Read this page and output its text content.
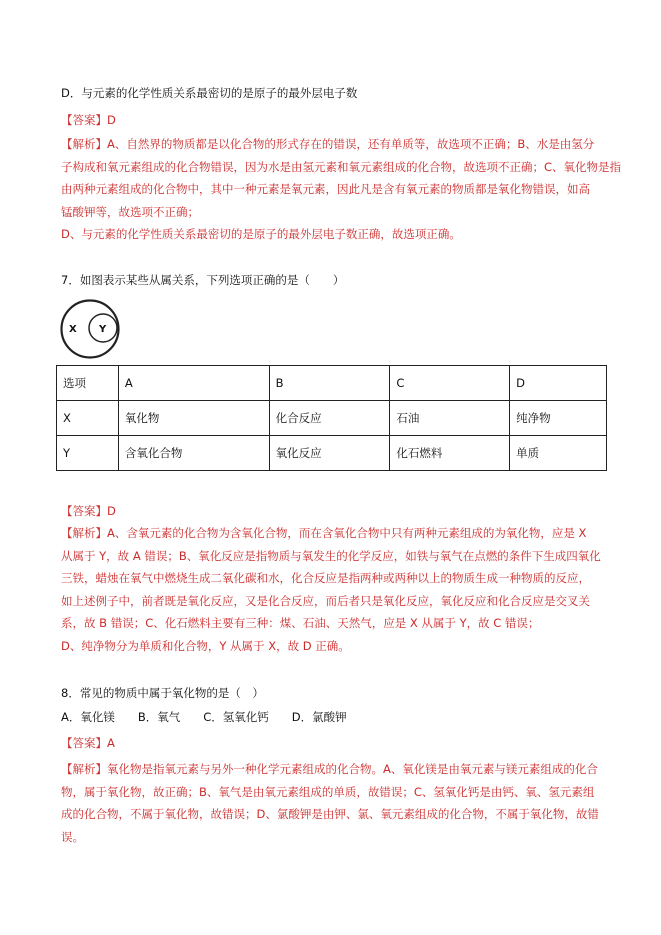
D．与元素的化学性质关系最密切的是原子的最外层电子数
【答案】D
【解析】A、自然界的物质都是以化合物的形式存在的错误，还有单质等，故选项不正确；B、水是由氢分
子构成和氧元素组成的化合物错误，因为水是由氢元素和氧元素组成的化合物，故选项不正确；C、氧化物是指
由两种元素组成的化合物中，其中一种元素是氧元素，因此凡是含有氧元素的物质都是氧化物错误，如高
锰酸钾等，故选项不正确；
D、与元素的化学性质关系最密切的是原子的最外层电子数正确，故选项正确。
7．如图表示某些从属关系，下列选项正确的是（　　）
X Y
选项	A	B	C	D
X	氧化物	化合反应	石油	纯净物
Y	含氧化合物	氧化反应	化石燃料	单质
【答案】D
【解析】A、含氧元素的化合物为含氧化合物，而在含氧化合物中只有两种元素组成的为氧化物，应是 X
从属于 Y，故 A 错误；B、氧化反应是指物质与氧发生的化学反应，如铁与氧气在点燃的条件下生成四氧化
三铁，蜡烛在氧气中燃烧生成二氧化碳和水，化合反应是指两种或两种以上的物质生成一种物质的反应，
如上述例子中，前者既是氧化反应，又是化合反应，而后者只是氧化反应，氧化反应和化合反应是交叉关
系，故 B 错误；C、化石燃料主要有三种：煤、石油、天然气，应是 X 从属于 Y，故 C 错误；
D、纯净物分为单质和化合物，Y 从属于 X，故 D 正确。
8．常见的物质中属于氧化物的是（　）
A．氧化镁　　B．氧气　　C．氢氧化钙　　D．氯酸钾
【答案】A
【解析】氧化物是指氧元素与另外一种化学元素组成的化合物。A、氧化镁是由氧元素与镁元素组成的化合
物，属于氧化物，故正确；B、氧气是由氧元素组成的单质，故错误；C、氢氧化钙是由钙、氧、氢元素组
成的化合物，不属于氧化物，故错误；D、氯酸钾是由钾、氯、氧元素组成的化合物，不属于氧化物，故错
误。
